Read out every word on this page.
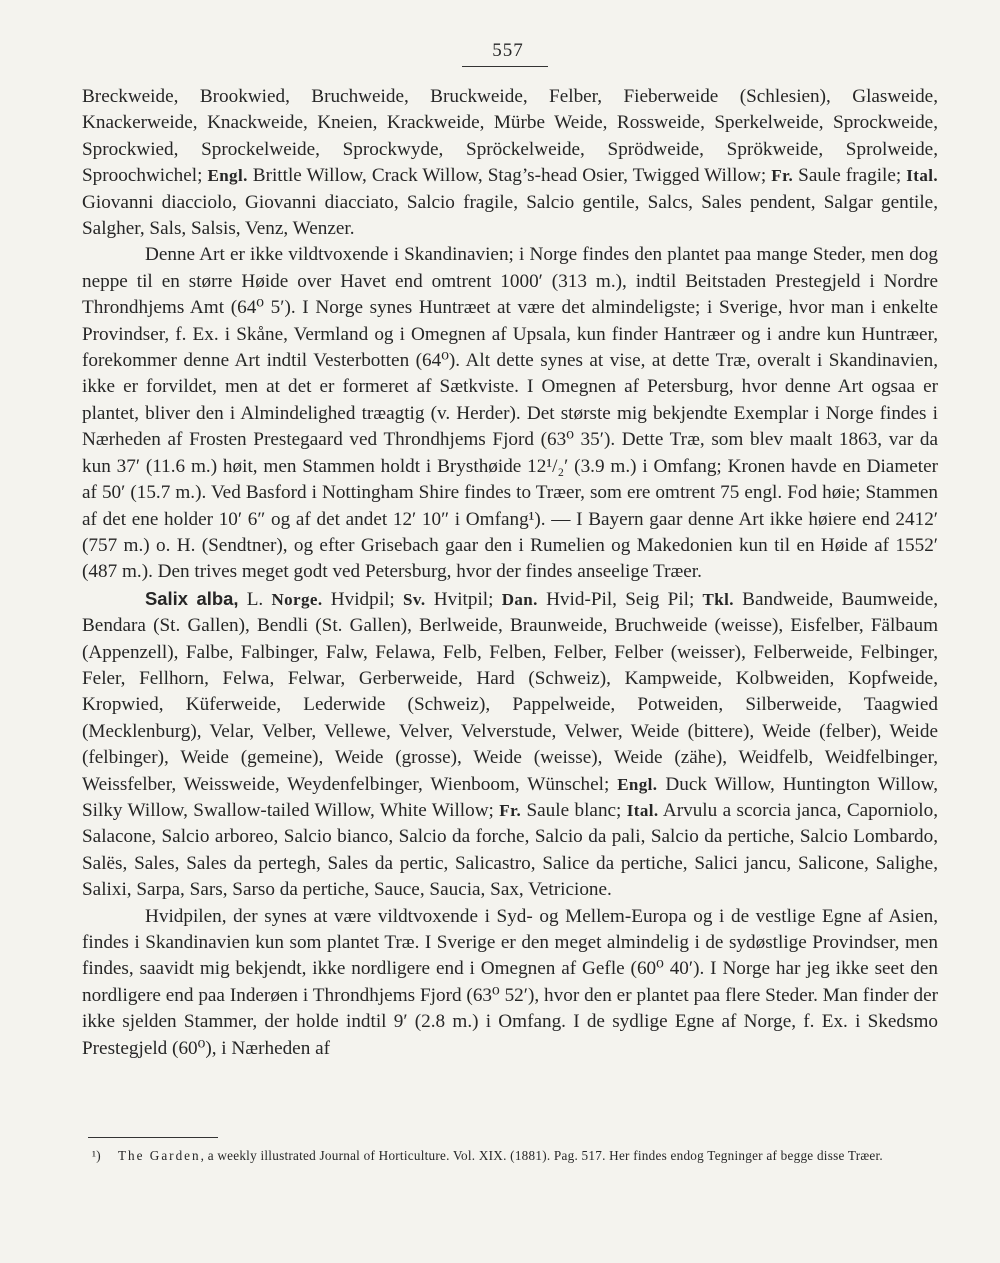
557

Breckweide, Brookwied, Bruchweide, Bruckweide, Felber, Fieberweide (Schlesien), Glasweide, Knackerweide, Knackweide, Kneien, Krackweide, Mürbe Weide, Rossweide, Sperkelweide, Sprockweide, Sprockwied, Sprockelweide, Sprockwyde, Spröckelweide, Sprödweide, Sprökweide, Sprolweide, Sproochwichel; Engl. Brittle Willow, Crack Willow, Stag’s-head Osier, Twigged Willow; Fr. Saule fragile; Ital. Giovanni diacciolo, Giovanni diacciato, Salcio fragile, Salcio gentile, Salcs, Sales pendent, Salgar gentile, Salgher, Sals, Salsis, Venz, Wenzer.

Denne Art er ikke vildtvoxende i Skandinavien; i Norge findes den plantet paa mange Steder, men dog neppe til en større Høide over Havet end omtrent 1000′ (313 m.), indtil Beitstaden Prestegjeld i Nordre Throndhjems Amt (64⁰ 5′). I Norge synes Huntræet at være det almindeligste; i Sverige, hvor man i enkelte Provindser, f. Ex. i Skåne, Vermland og i Omegnen af Upsala, kun finder Hantræer og i andre kun Huntræer, forekommer denne Art indtil Vesterbotten (64⁰). Alt dette synes at vise, at dette Træ, overalt i Skandinavien, ikke er forvildet, men at det er formeret af Sætkviste. I Omegnen af Petersburg, hvor denne Art ogsaa er plantet, bliver den i Almindelighed træagtig (v. Herder). Det største mig bekjendte Exemplar i Norge findes i Nærheden af Frosten Prestegaard ved Throndhjems Fjord (63⁰ 35′). Dette Træ, som blev maalt 1863, var da kun 37′ (11.6 m.) høit, men Stammen holdt i Brysthøide 12¹/₂′ (3.9 m.) i Omfang; Kronen havde en Diameter af 50′ (15.7 m.). Ved Basford i Nottingham Shire findes to Træer, som ere omtrent 75 engl. Fod høie; Stammen af det ene holder 10′ 6″ og af det andet 12′ 10″ i Omfang¹). — I Bayern gaar denne Art ikke høiere end 2412′ (757 m.) o. H. (Sendtner), og efter Grisebach gaar den i Rumelien og Makedonien kun til en Høide af 1552′ (487 m.). Den trives meget godt ved Petersburg, hvor der findes anseelige Træer.

Salix alba, L. Norge. Hvidpil; Sv. Hvitpil; Dan. Hvid-Pil, Seig Pil; Tkl. Bandweide, Baumweide, Bendara (St. Gallen), Bendli (St. Gallen), Berlweide, Braunweide, Bruchweide (weisse), Eisfelber, Fälbaum (Appenzell), Falbe, Falbinger, Falw, Felawa, Felb, Felben, Felber, Felber (weisser), Felberweide, Felbinger, Feler, Fellhorn, Felwa, Felwar, Gerberweide, Hard (Schweiz), Kampweide, Kolbweiden, Kopfweide, Kropwied, Küferweide, Lederwide (Schweiz), Pappelweide, Potweiden, Silberweide, Taagwied (Mecklenburg), Velar, Velber, Vellewe, Velver, Velverstude, Velwer, Weide (bittere), Weide (felber), Weide (felbinger), Weide (gemeine), Weide (grosse), Weide (weisse), Weide (zähe), Weidfelb, Weidfelbinger, Weissfelber, Weissweide, Weydenfelbinger, Wienboom, Wünschel; Engl. Duck Willow, Huntington Willow, Silky Willow, Swallow-tailed Willow, White Willow; Fr. Saule blanc; Ital. Arvulu a scorcia janca, Caporniolo, Salacone, Salcio arboreo, Salcio bianco, Salcio da forche, Salcio da pali, Salcio da pertiche, Salcio Lombardo, Salës, Sales, Sales da pertegh, Sales da pertic, Salicastro, Salice da pertiche, Salici jancu, Salicone, Salighe, Salixi, Sarpa, Sars, Sarso da pertiche, Sauce, Saucia, Sax, Vetricione.

Hvidpilen, der synes at være vildtvoxende i Syd- og Mellem-Europa og i de vestlige Egne af Asien, findes i Skandinavien kun som plantet Træ. I Sverige er den meget almindelig i de sydøstlige Provindser, men findes, saavidt mig bekjendt, ikke nordligere end i Omegnen af Gefle (60⁰ 40′). I Norge har jeg ikke seet den nordligere end paa Inderøen i Throndhjems Fjord (63⁰ 52′), hvor den er plantet paa flere Steder. Man finder der ikke sjelden Stammer, der holde indtil 9′ (2.8 m.) i Omfang. I de sydlige Egne af Norge, f. Ex. i Skedsmo Prestegjeld (60⁰), i Nærheden af

¹) The Garden, a weekly illustrated Journal of Horticulture. Vol. XIX. (1881). Pag. 517. Her findes endog Tegninger af begge disse Træer.
